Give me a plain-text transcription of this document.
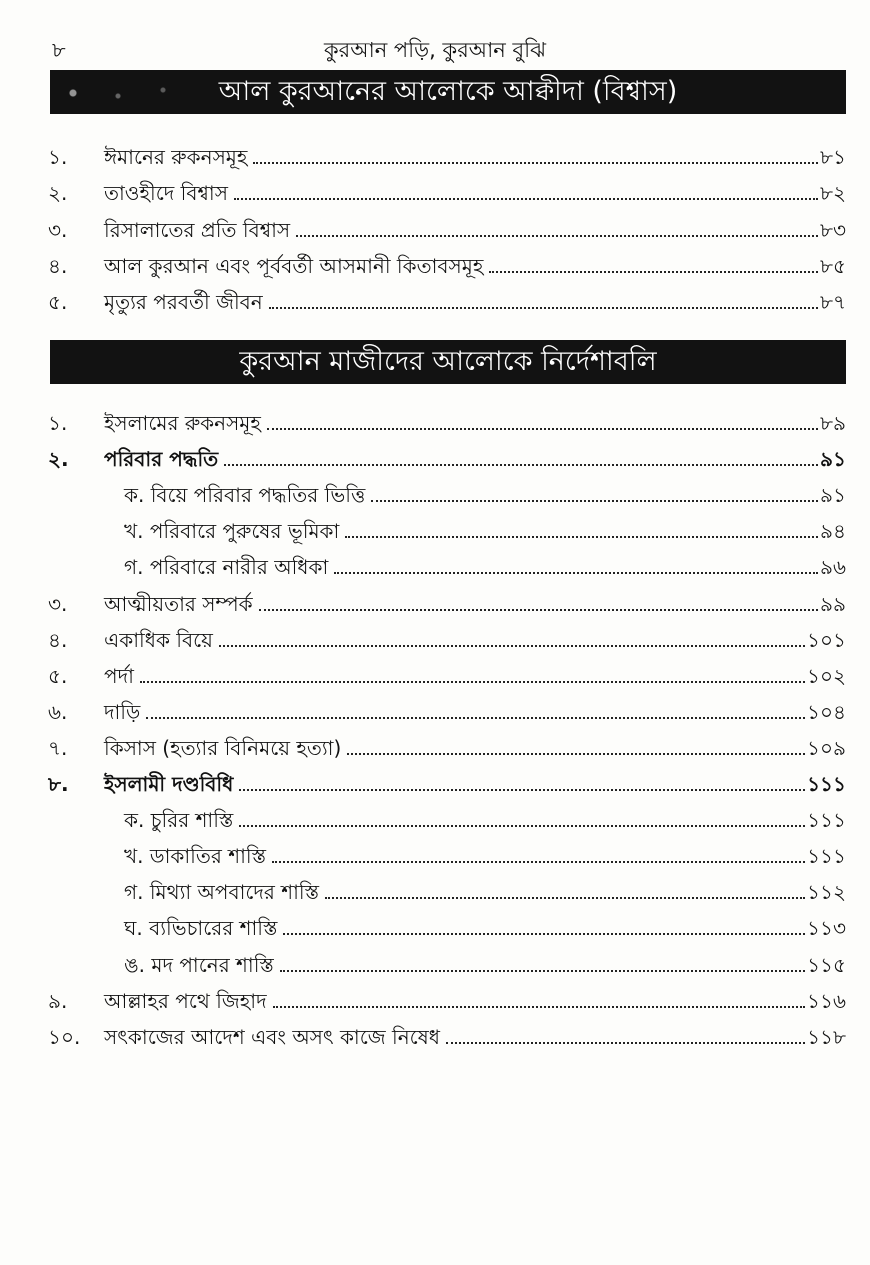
৮	কুরআন পড়ি, কুরআন বুঝি
আল কুরআনের আলোকে আক্বীদা (বিশ্বাস)
কুরআন মাজীদের আলোকে নির্দেশাবলি
১.	ঈমানের রুকনসমূহ	৮১
২.	তাওহীদে বিশ্বাস	৮২
৩.	রিসালাতের প্রতি বিশ্বাস	৮৩
৪.	আল কুরআন এবং পূর্ববর্তী আসমানী কিতাবসমূহ	৮৫
৫.	মৃত্যুর পরবর্তী জীবন	৮৭
১.	ইসলামের রুকনসমূহ	৮৯
২.	পরিবার পদ্ধতি	৯১
ক. বিয়ে পরিবার পদ্ধতির ভিত্তি	৯১
খ. পরিবারে পুরুষের ভূমিকা	৯৪
গ. পরিবারে নারীর অধিকা	৯৬
৩.	আত্মীয়তার সম্পর্ক	৯৯
৪.	একাধিক বিয়ে	১০১
৫.	পর্দা	১০২
৬.	দাড়ি	১০৪
৭.	কিসাস (হত্যার বিনিময়ে হত্যা)	১০৯
৮.	ইসলামী দণ্ডবিধি	১১১
ক. চুরির শাস্তি	১১১
খ. ডাকাতির শাস্তি	১১১
গ. মিথ্যা অপবাদের শাস্তি	১১২
ঘ. ব্যভিচারের শাস্তি	১১৩
ঙ. মদ পানের শাস্তি	১১৫
৯.	আল্লাহর পথে জিহাদ	১১৬
১০.	সৎকাজের আদেশ এবং অসৎ কাজে নিষেধ	১১৮
